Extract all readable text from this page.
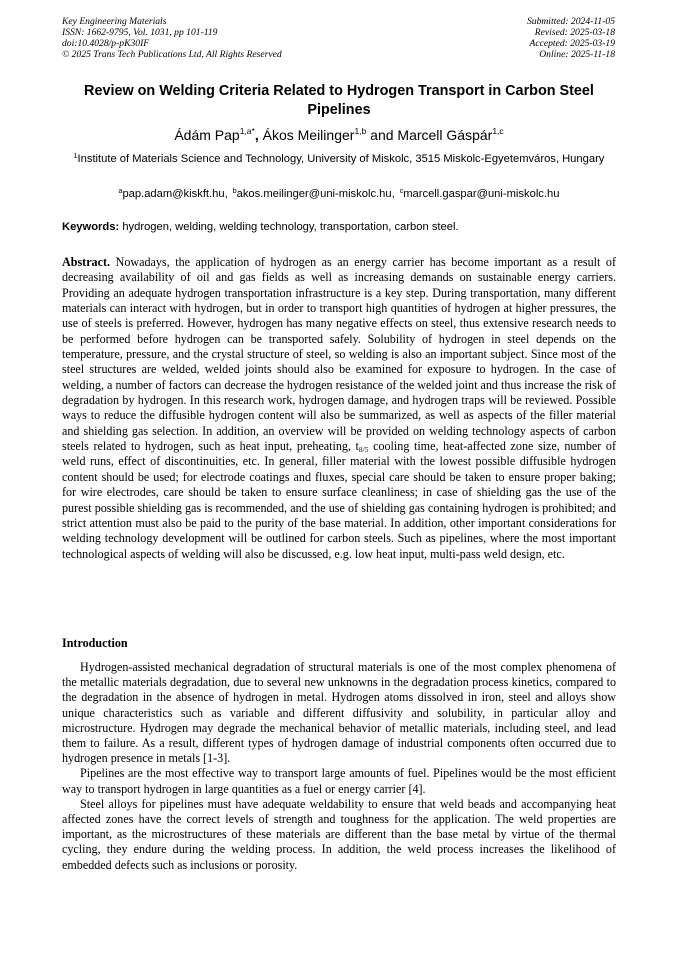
Key Engineering Materials
ISSN: 1662-9795, Vol. 1031, pp 101-119
doi:10.4028/p-pK30IF
© 2025 Trans Tech Publications Ltd, All Rights Reserved
Submitted: 2024-11-05
Revised: 2025-03-18
Accepted: 2025-03-19
Online: 2025-11-18
Review on Welding Criteria Related to Hydrogen Transport in Carbon Steel Pipelines
Ádám Pap$^{1,a*}$, Ákos Meilinger$^{1,b}$ and Marcell Gáspár$^{1,c}$
$^1$Institute of Materials Science and Technology, University of Miskolc, 3515 Miskolc-Egyetemváros, Hungary
$^a$pap.adam@kiskft.hu, $^b$akos.meilinger@uni-miskolc.hu, $^c$marcell.gaspar@uni-miskolc.hu
Keywords: hydrogen, welding, welding technology, transportation, carbon steel.
Abstract. Nowadays, the application of hydrogen as an energy carrier has become important as a result of decreasing availability of oil and gas fields as well as increasing demands on sustainable energy carriers. Providing an adequate hydrogen transportation infrastructure is a key step. During transportation, many different materials can interact with hydrogen, but in order to transport high quantities of hydrogen at higher pressures, the use of steels is preferred. However, hydrogen has many negative effects on steel, thus extensive research needs to be performed before hydrogen can be transported safely. Solubility of hydrogen in steel depends on the temperature, pressure, and the crystal structure of steel, so welding is also an important subject. Since most of the steel structures are welded, welded joints should also be examined for exposure to hydrogen. In the case of welding, a number of factors can decrease the hydrogen resistance of the welded joint and thus increase the risk of degradation by hydrogen. In this research work, hydrogen damage, and hydrogen traps will be reviewed. Possible ways to reduce the diffusible hydrogen content will also be summarized, as well as aspects of the filler material and shielding gas selection. In addition, an overview will be provided on welding technology aspects of carbon steels related to hydrogen, such as heat input, preheating, $t_{8/5}$ cooling time, heat-affected zone size, number of weld runs, effect of discontinuities, etc. In general, filler material with the lowest possible diffusible hydrogen content should be used; for electrode coatings and fluxes, special care should be taken to ensure proper baking; for wire electrodes, care should be taken to ensure surface cleanliness; in case of shielding gas the use of the purest possible shielding gas is recommended, and the use of shielding gas containing hydrogen is prohibited; and strict attention must also be paid to the purity of the base material. In addition, other important considerations for welding technology development will be outlined for carbon steels. Such as pipelines, where the most important technological aspects of welding will also be discussed, e.g. low heat input, multi-pass weld design, etc.
Introduction

Hydrogen-assisted mechanical degradation of structural materials is one of the most complex phenomena of the metallic materials degradation, due to several new unknowns in the degradation process kinetics, compared to the degradation in the absence of hydrogen in metal. Hydrogen atoms dissolved in iron, steel and alloys show unique characteristics such as variable and different diffusivity and solubility, in particular alloy and microstructure. Hydrogen may degrade the mechanical behavior of metallic materials, including steel, and lead them to failure. As a result, different types of hydrogen damage of industrial components often occurred due to hydrogen presence in metals [1-3].

Pipelines are the most effective way to transport large amounts of fuel. Pipelines would be the most efficient way to transport hydrogen in large quantities as a fuel or energy carrier [4].

Steel alloys for pipelines must have adequate weldability to ensure that weld beads and accompanying heat affected zones have the correct levels of strength and toughness for the application. The weld properties are important, as the microstructures of these materials are different than the base metal by virtue of the thermal cycling, they endure during the welding process. In addition, the weld process increases the likelihood of embedded defects such as inclusions or porosity.
